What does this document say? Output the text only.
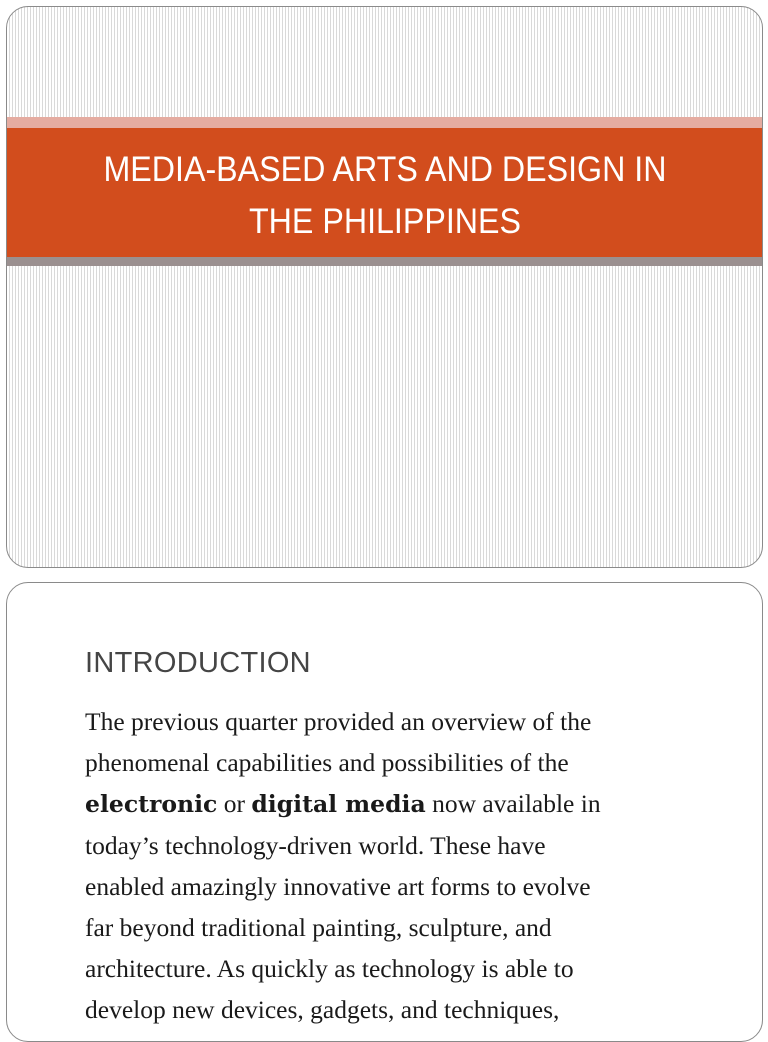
MEDIA-BASED ARTS AND DESIGN IN
THE PHILIPPINES
INTRODUCTION
The previous quarter provided an overview of the
phenomenal capabilities and possibilities of the
electronic or digital media now available in
today’s technology-driven world. These have
enabled amazingly innovative art forms to evolve
far beyond traditional painting, sculpture, and
architecture. As quickly as technology is able to
develop new devices, gadgets, and techniques,
